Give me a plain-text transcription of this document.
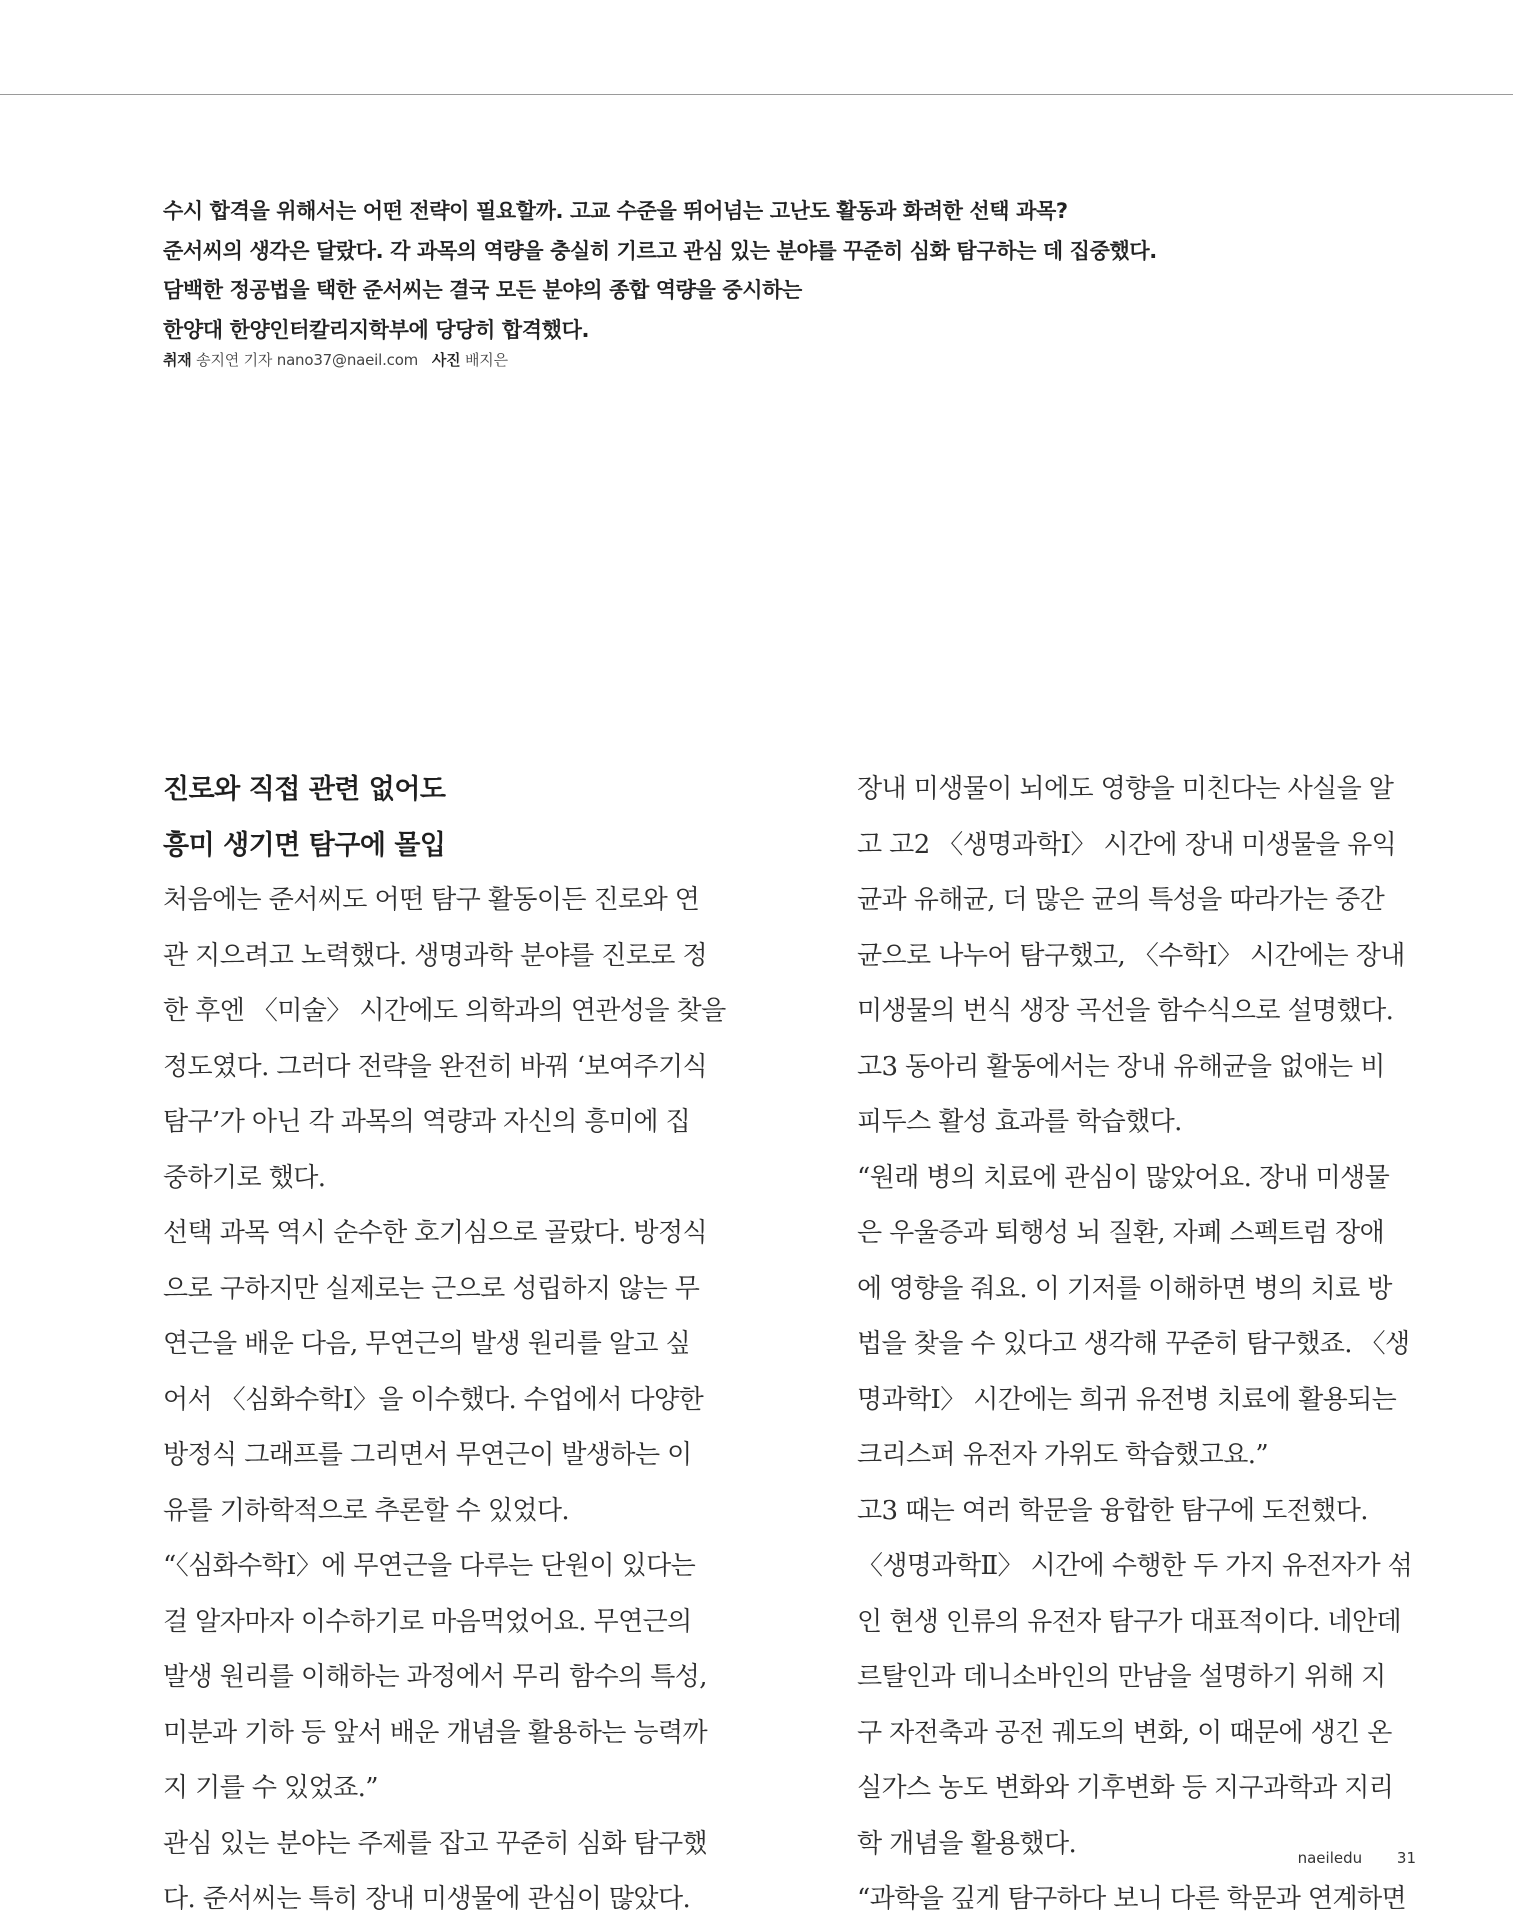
수시 합격을 위해서는 어떤 전략이 필요할까. 고교 수준을 뛰어넘는 고난도 활동과 화려한 선택 과목?
준서씨의 생각은 달랐다. 각 과목의 역량을 충실히 기르고 관심 있는 분야를 꾸준히 심화 탐구하는 데 집중했다.
담백한 정공법을 택한 준서씨는 결국 모든 분야의 종합 역량을 중시하는
한양대 한양인터칼리지학부에 당당히 합격했다.
취재 송지연 기자 nano37@naeil.com 사진 배지은
진로와 직접 관련 없어도
흥미 생기면 탐구에 몰입
처음에는 준서씨도 어떤 탐구 활동이든 진로와 연
관 지으려고 노력했다. 생명과학 분야를 진로로 정
한 후엔 〈미술〉 시간에도 의학과의 연관성을 찾을
정도였다. 그러다 전략을 완전히 바꿔 ‘보여주기식
탐구’가 아닌 각 과목의 역량과 자신의 흥미에 집
중하기로 했다.
선택 과목 역시 순수한 호기심으로 골랐다. 방정식
으로 구하지만 실제로는 근으로 성립하지 않는 무
연근을 배운 다음, 무연근의 발생 원리를 알고 싶
어서 〈심화수학Ⅰ〉을 이수했다. 수업에서 다양한
방정식 그래프를 그리면서 무연근이 발생하는 이
유를 기하학적으로 추론할 수 있었다.
“〈심화수학Ⅰ〉에 무연근을 다루는 단원이 있다는
걸 알자마자 이수하기로 마음먹었어요. 무연근의
발생 원리를 이해하는 과정에서 무리 함수의 특성,
미분과 기하 등 앞서 배운 개념을 활용하는 능력까
지 기를 수 있었죠.”
관심 있는 분야는 주제를 잡고 꾸준히 심화 탐구했
다. 준서씨는 특히 장내 미생물에 관심이 많았다.
장내 미생물이 뇌에도 영향을 미친다는 사실을 알
고 고2 〈생명과학Ⅰ〉 시간에 장내 미생물을 유익
균과 유해균, 더 많은 균의 특성을 따라가는 중간
균으로 나누어 탐구했고, 〈수학Ⅰ〉 시간에는 장내
미생물의 번식 생장 곡선을 함수식으로 설명했다.
고3 동아리 활동에서는 장내 유해균을 없애는 비
피두스 활성 효과를 학습했다.
“원래 병의 치료에 관심이 많았어요. 장내 미생물
은 우울증과 퇴행성 뇌 질환, 자폐 스펙트럼 장애
에 영향을 줘요. 이 기저를 이해하면 병의 치료 방
법을 찾을 수 있다고 생각해 꾸준히 탐구했죠. 〈생
명과학Ⅰ〉 시간에는 희귀 유전병 치료에 활용되는
크리스퍼 유전자 가위도 학습했고요.”
고3 때는 여러 학문을 융합한 탐구에 도전했다.
〈생명과학Ⅱ〉 시간에 수행한 두 가지 유전자가 섞
인 현생 인류의 유전자 탐구가 대표적이다. 네안데
르탈인과 데니소바인의 만남을 설명하기 위해 지
구 자전축과 공전 궤도의 변화, 이 때문에 생긴 온
실가스 농도 변화와 기후변화 등 지구과학과 지리
학 개념을 활용했다.
“과학을 깊게 탐구하다 보니 다른 학문과 연계하면
naeiledu 31
